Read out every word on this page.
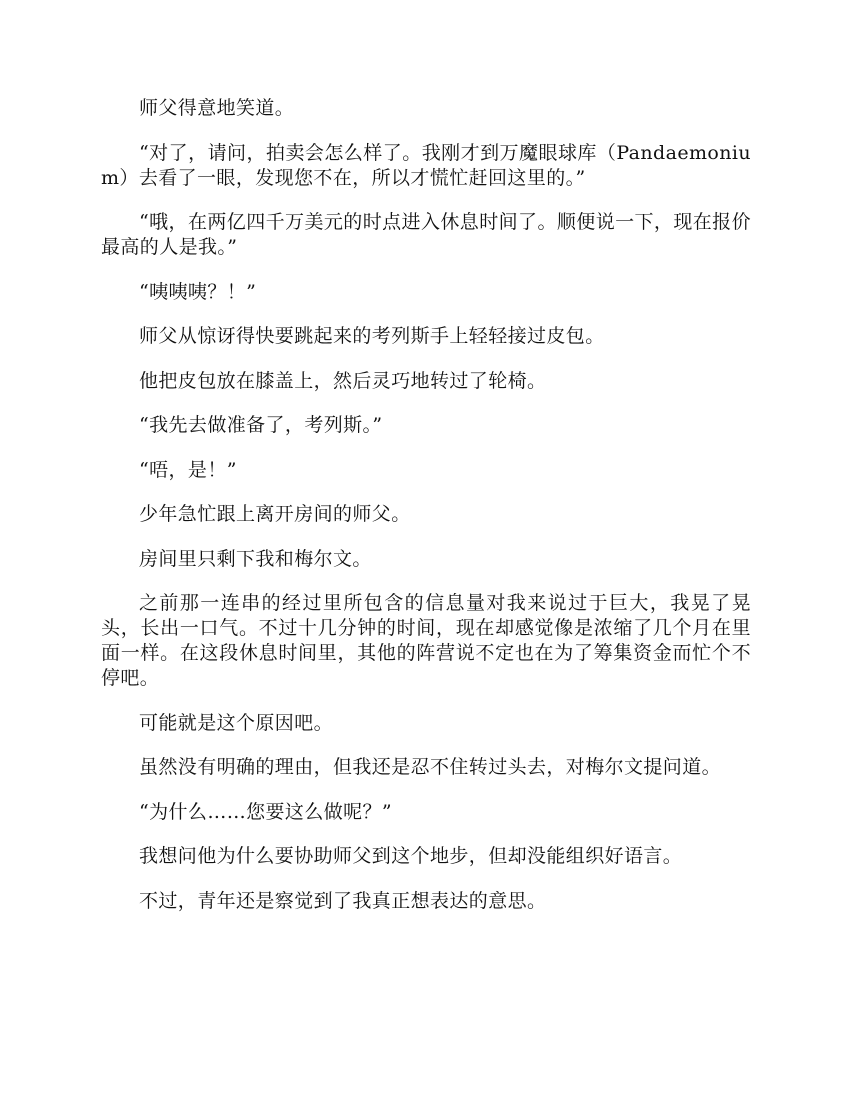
师父得意地笑道。

“对了，请问，拍卖会怎么样了。我刚才到万魔眼球库（Pandaemonium）去看了一眼，发现您不在，所以才慌忙赶回这里的。”

“哦，在两亿四千万美元的时点进入休息时间了。顺便说一下，现在报价最高的人是我。”

“咦咦咦？！”

师父从惊讶得快要跳起来的考列斯手上轻轻接过皮包。

他把皮包放在膝盖上，然后灵巧地转过了轮椅。

“我先去做准备了，考列斯。”

“唔，是！”

少年急忙跟上离开房间的师父。

房间里只剩下我和梅尔文。

之前那一连串的经过里所包含的信息量对我来说过于巨大，我晃了晃头，长出一口气。不过十几分钟的时间，现在却感觉像是浓缩了几个月在里面一样。在这段休息时间里，其他的阵营说不定也在为了筹集资金而忙个不停吧。

可能就是这个原因吧。

虽然没有明确的理由，但我还是忍不住转过头去，对梅尔文提问道。

“为什么……您要这么做呢？”

我想问他为什么要协助师父到这个地步，但却没能组织好语言。

不过，青年还是察觉到了我真正想表达的意思。
